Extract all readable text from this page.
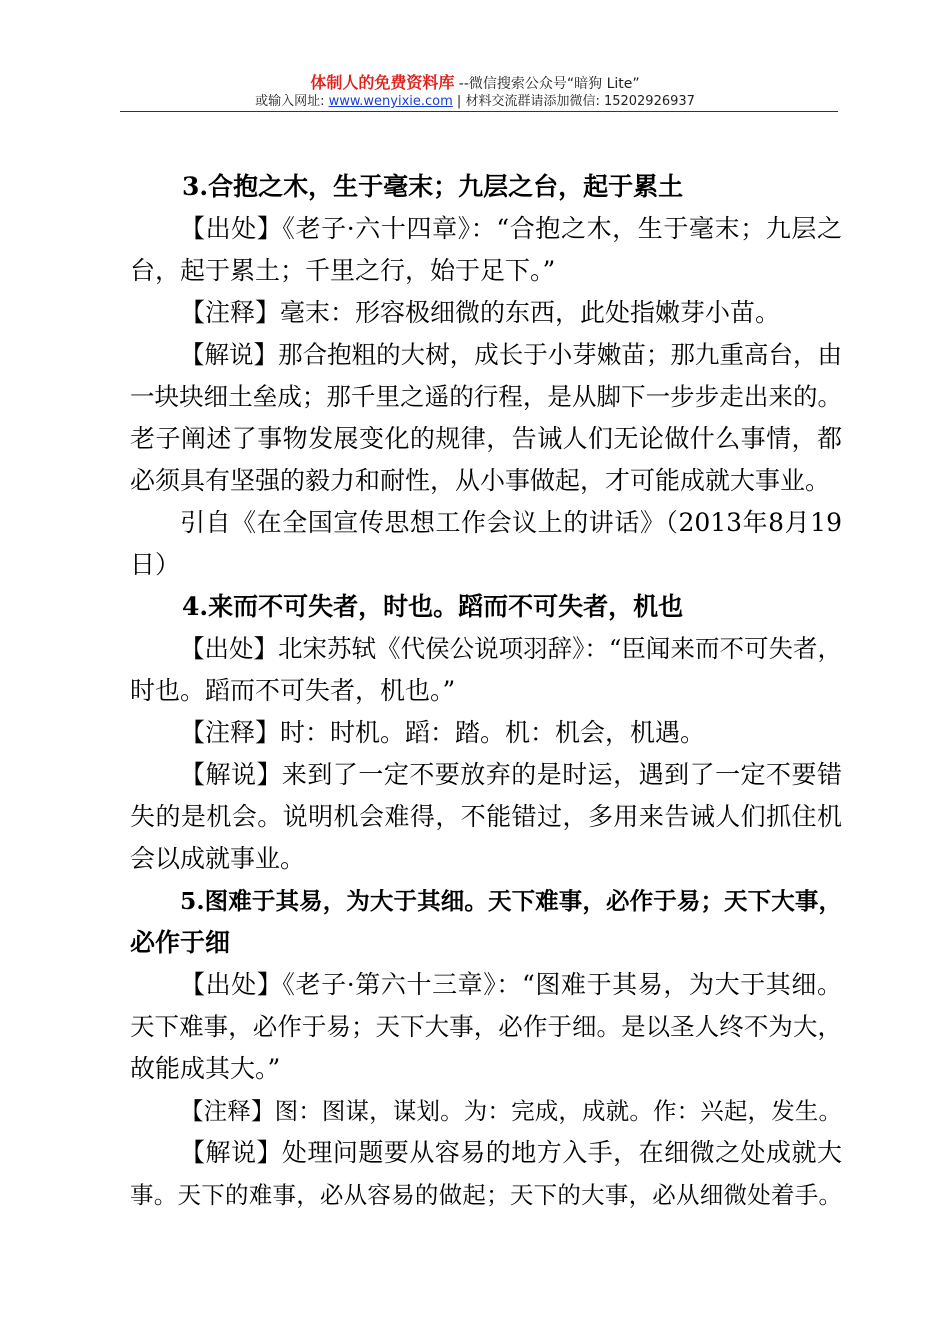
体制人的免费资料库 --微信搜索公众号“暗狗 Lite”
或输入网址: www.wenyixie.com | 材料交流群请添加微信: 15202926937
3.合抱之木，生于毫末；九层之台，起于累土
【出处】《老子·六十四章》：“合抱之木，生于毫末；九层之
台，起于累土；千里之行，始于足下。”
【注释】毫末：形容极细微的东西，此处指嫩芽小苗。
【解说】那合抱粗的大树，成长于小芽嫩苗；那九重高台，由
一块块细土垒成；那千里之遥的行程，是从脚下一步步走出来的。
老子阐述了事物发展变化的规律，告诫人们无论做什么事情，都
必须具有坚强的毅力和耐性，从小事做起，才可能成就大事业。
引自《在全国宣传思想工作会议上的讲话》（2013年8月19
日）
4.来而不可失者，时也。蹈而不可失者，机也
【出处】北宋苏轼《代侯公说项羽辞》：“臣闻来而不可失者，
时也。蹈而不可失者，机也。”
【注释】时：时机。蹈：踏。机：机会，机遇。
【解说】来到了一定不要放弃的是时运，遇到了一定不要错
失的是机会。说明机会难得，不能错过，多用来告诫人们抓住机
会以成就事业。
5.图难于其易，为大于其细。天下难事，必作于易；天下大事，
必作于细
【出处】《老子·第六十三章》：“图难于其易，为大于其细。
天下难事，必作于易；天下大事，必作于细。是以圣人终不为大，
故能成其大。”
【注释】图：图谋，谋划。为：完成，成就。作：兴起，发生。
【解说】处理问题要从容易的地方入手，在细微之处成就大
事。天下的难事，必从容易的做起；天下的大事，必从细微处着手。
